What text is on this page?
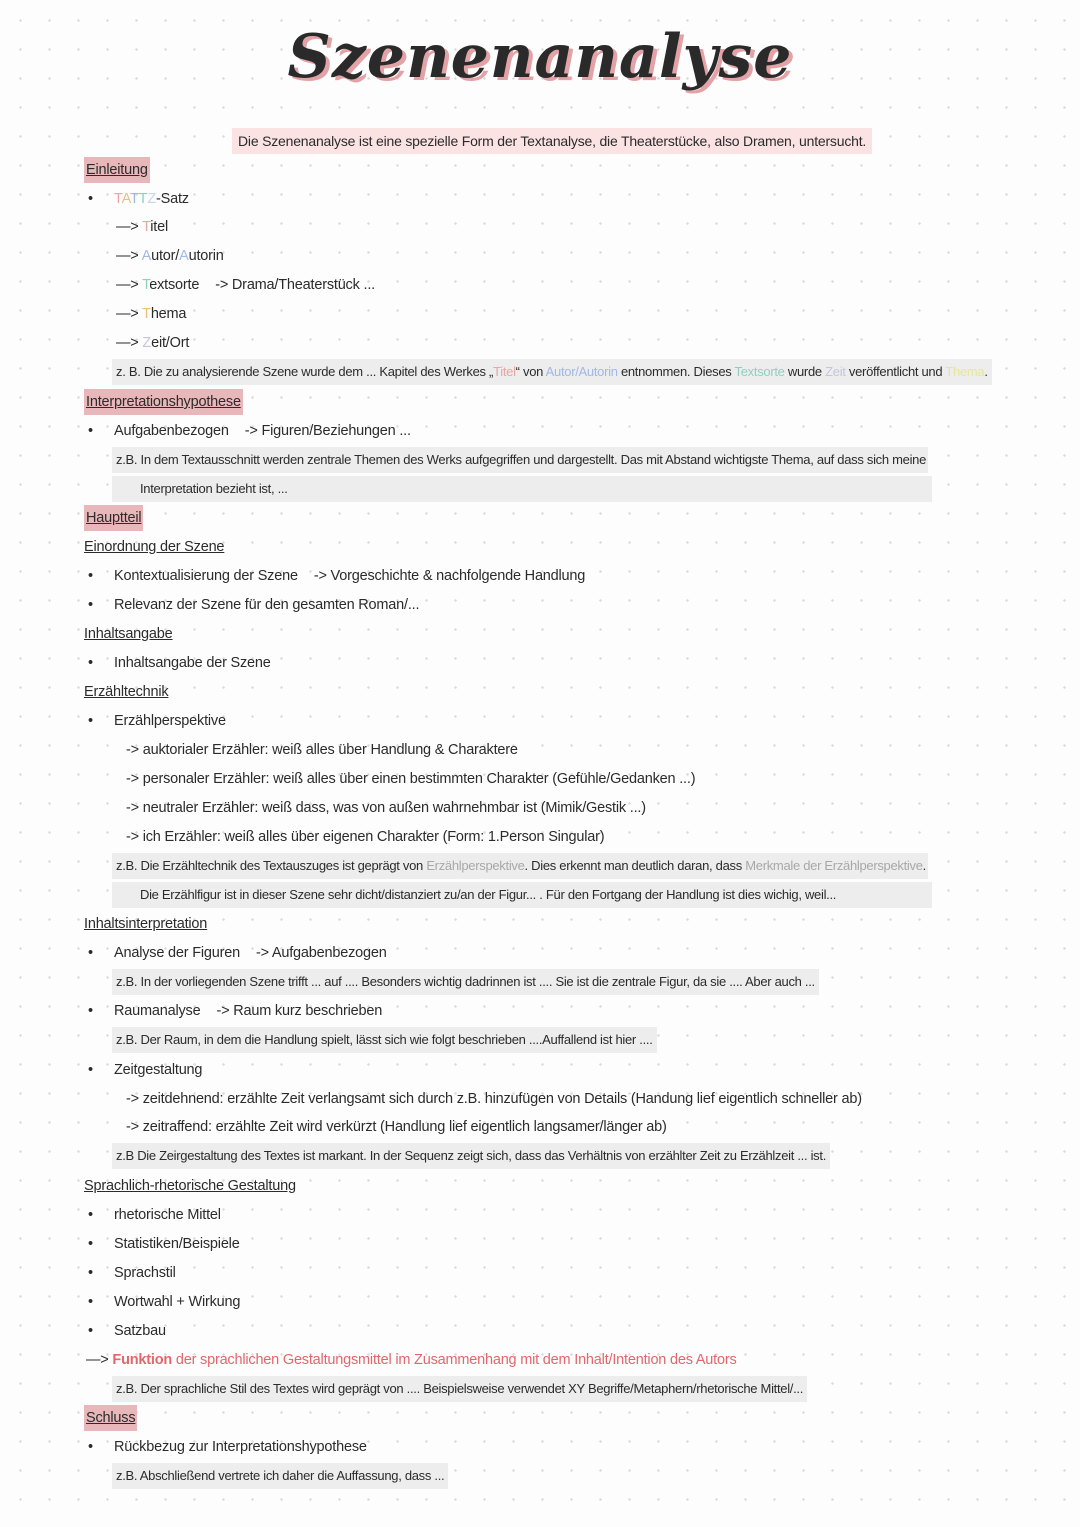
Szenenanalyse
Die Szenenanalyse ist eine spezielle Form der Textanalyse, die Theaterstücke, also Dramen, untersucht.
Einleitung
• TATTZ-Satz
—> Titel
—> Autor/Autorin
—> Textsorte -> Drama/Theaterstück ...
—> Thema
—> Zeit/Ort
z. B. Die zu analysierende Szene wurde dem ... Kapitel des Werkes „Titel“ von Autor/Autorin entnommen. Dieses Textsorte wurde Zeit veröffentlicht und Thema.
Interpretationshypothese
• Aufgabenbezogen -> Figuren/Beziehungen ...
z.B. In dem Textausschnitt werden zentrale Themen des Werks aufgegriffen und dargestellt. Das mit Abstand wichtigste Thema, auf dass sich meine
Interpretation bezieht ist, ...
Hauptteil
Einordnung der Szene
• Kontextualisierung der Szene -> Vorgeschichte & nachfolgende Handlung
• Relevanz der Szene für den gesamten Roman/...
Inhaltsangabe
• Inhaltsangabe der Szene
Erzähltechnik
• Erzählperspektive
-> auktorialer Erzähler: weiß alles über Handlung & Charaktere
-> personaler Erzähler: weiß alles über einen bestimmten Charakter (Gefühle/Gedanken ...)
-> neutraler Erzähler: weiß dass, was von außen wahrnehmbar ist (Mimik/Gestik ...)
-> ich Erzähler: weiß alles über eigenen Charakter (Form: 1.Person Singular)
z.B. Die Erzähltechnik des Textauszuges ist geprägt von Erzählperspektive. Dies erkennt man deutlich daran, dass Merkmale der Erzählperspektive.
Die Erzählfigur ist in dieser Szene sehr dicht/distanziert zu/an der Figur... . Für den Fortgang der Handlung ist dies wichig, weil...
Inhaltsinterpretation
• Analyse der Figuren -> Aufgabenbezogen
z.B. In der vorliegenden Szene trifft ... auf .... Besonders wichtig dadrinnen ist .... Sie ist die zentrale Figur, da sie .... Aber auch ...
• Raumanalyse -> Raum kurz beschrieben
z.B. Der Raum, in dem die Handlung spielt, lässt sich wie folgt beschrieben ....Auffallend ist hier ....
• Zeitgestaltung
-> zeitdehnend: erzählte Zeit verlangsamt sich durch z.B. hinzufügen von Details (Handung lief eigentlich schneller ab)
-> zeitraffend: erzählte Zeit wird verkürzt (Handlung lief eigentlich langsamer/länger ab)
z.B Die Zeirgestaltung des Textes ist markant. In der Sequenz zeigt sich, dass das Verhältnis von erzählter Zeit zu Erzählzeit ... ist.
Sprachlich-rhetorische Gestaltung
• rhetorische Mittel
• Statistiken/Beispiele
• Sprachstil
• Wortwahl + Wirkung
• Satzbau
—> Funktion der sprachlichen Gestaltungsmittel im Zusammenhang mit dem Inhalt/Intention des Autors
z.B. Der sprachliche Stil des Textes wird geprägt von .... Beispielsweise verwendet XY Begriffe/Metaphern/rhetorische Mittel/...
Schluss
• Rückbezug zur Interpretationshypothese
z.B. Abschließend vertrete ich daher die Auffassung, dass ...
